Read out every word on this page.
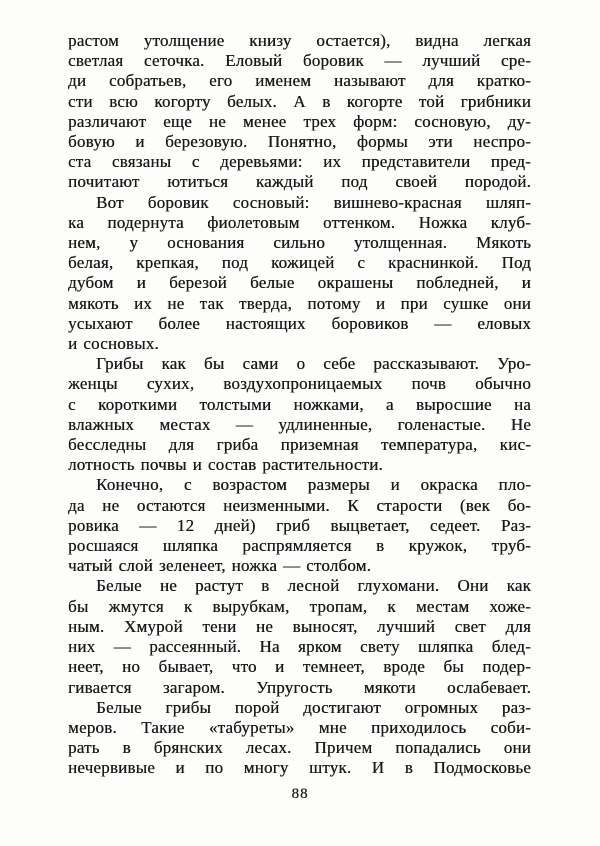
растом утолщение книзу остается), видна легкая
светлая сеточка. Еловый боровик — лучший сре-
ди собратьев, его именем называют для кратко-
сти всю когорту белых. А в когорте той грибники
различают еще не менее трех форм: сосновую, ду-
бовую и березовую. Понятно, формы эти неспро-
ста связаны с деревьями: их представители пред-
почитают ютиться каждый под своей породой.
Вот боровик сосновый: вишнево-красная шляп-
ка подернута фиолетовым оттенком. Ножка клуб-
нем, у основания сильно утолщенная. Мякоть
белая, крепкая, под кожицей с краснинкой. Под
дубом и березой белые окрашены побледней, и
мякоть их не так тверда, потому и при сушке они
усыхают более настоящих боровиков — еловых
и сосновых.
Грибы как бы сами о себе рассказывают. Уро-
женцы сухих, воздухопроницаемых почв обычно
с короткими толстыми ножками, а выросшие на
влажных местах — удлиненные, голенастые. Не
бесследны для гриба приземная температура, кис-
лотность почвы и состав растительности.
Конечно, с возрастом размеры и окраска пло-
да не остаются неизменными. К старости (век бо-
ровика — 12 дней) гриб выцветает, седеет. Раз-
росшаяся шляпка распрямляется в кружок, труб-
чатый слой зеленеет, ножка — столбом.
Белые не растут в лесной глухомани. Они как
бы жмутся к вырубкам, тропам, к местам хоже-
ным. Хмурой тени не выносят, лучший свет для
них — рассеянный. На ярком свету шляпка блед-
неет, но бывает, что и темнеет, вроде бы подер-
гивается загаром. Упругость мякоти ослабевает.
Белые грибы порой достигают огромных раз-
меров. Такие «табуреты» мне приходилось соби-
рать в брянских лесах. Причем попадались они
нечервивые и по многу штук. И в Подмосковье
88
